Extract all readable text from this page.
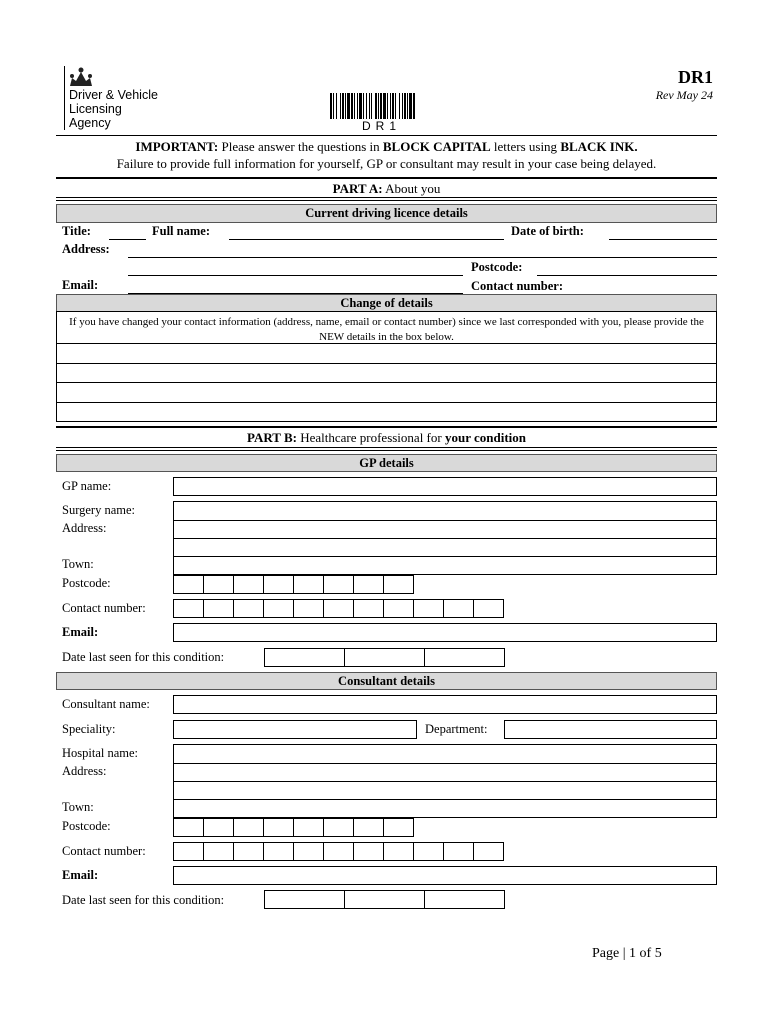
Driver & Vehicle
Licensing
Agency	DR1
DR1
Rev May 24
IMPORTANT: Please answer the questions in BLOCK CAPITAL letters using BLACK INK.
Failure to provide full information for yourself, GP or consultant may result in your case being delayed.
PART A: About you
Current driving licence details
Title:	Full name:	Date of birth:
Address:
Postcode:
Email:	Contact number:
Change of details
If you have changed your contact information (address, name, email or contact number) since we last corresponded with you, please provide the NEW details in the box below.
PART B: Healthcare professional for your condition
GP details
GP name:
Surgery name:
Address:
Town:
Postcode:
Contact number:
Email:
Date last seen for this condition:
Consultant details
Consultant name:
Speciality:	Department:
Hospital name:
Address:
Town:
Postcode:
Contact number:
Email:
Date last seen for this condition:
Page | 1 of 5
